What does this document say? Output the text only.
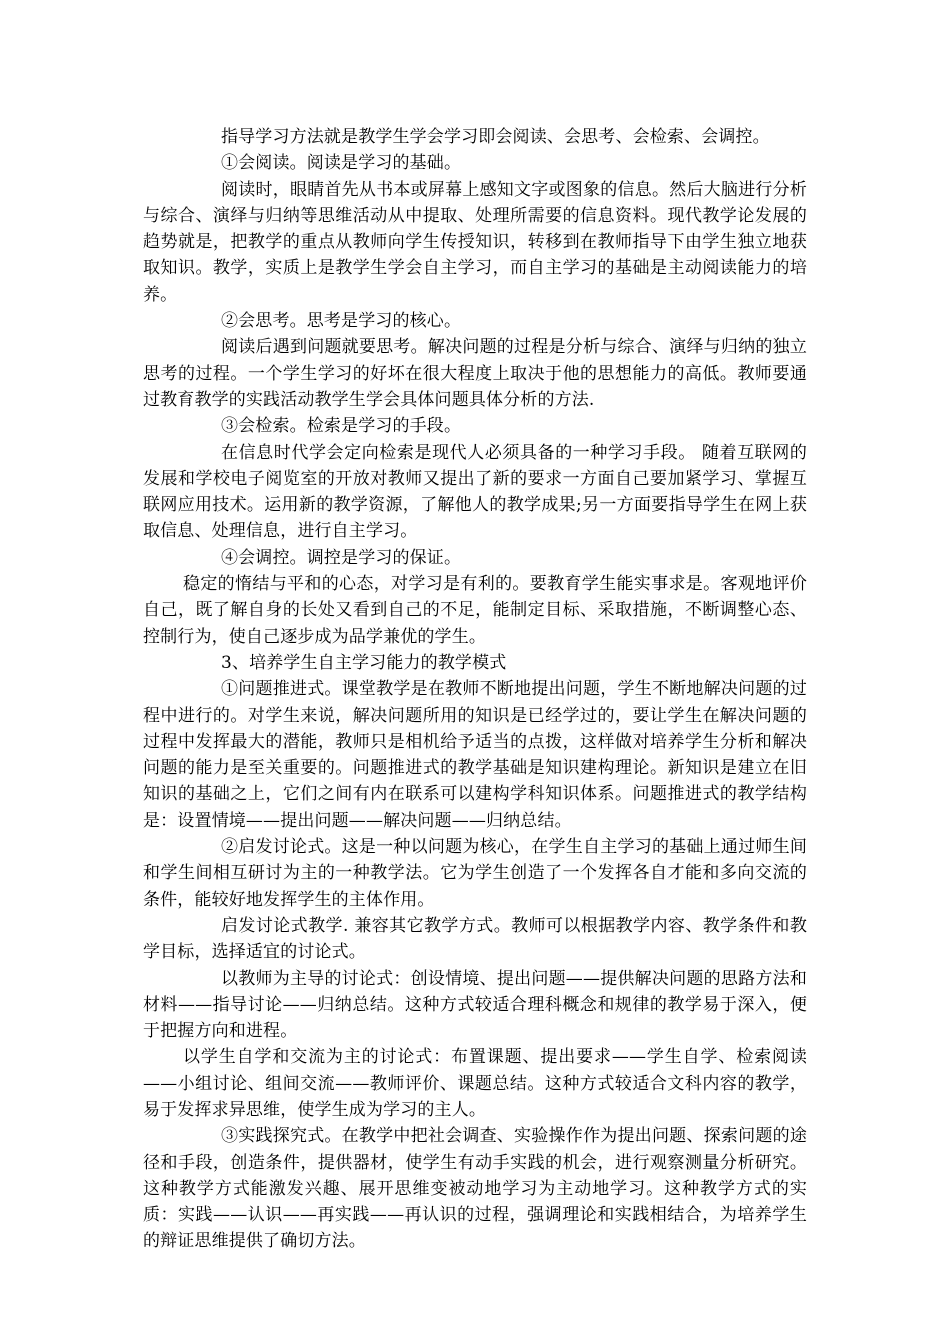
指导学习方法就是教学生学会学习即会阅读、会思考、会检索、会调控。

①会阅读。阅读是学习的基础。

阅读时，眼睛首先从书本或屏幕上感知文字或图象的信息。然后大脑进行分析与综合、演绎与归纳等思维活动从中提取、处理所需要的信息资料。现代教学论发展的趋势就是，把教学的重点从教师向学生传授知识，转移到在教师指导下由学生独立地获取知识。教学，实质上是教学生学会自主学习，而自主学习的基础是主动阅读能力的培养。

②会思考。思考是学习的核心。

阅读后遇到问题就要思考。解决问题的过程是分析与综合、演绎与归纳的独立思考的过程。一个学生学习的好坏在很大程度上取决于他的思想能力的高低。教师要通过教育教学的实践活动教学生学会具体问题具体分析的方法.

③会检索。检索是学习的手段。

在信息时代学会定向检索是现代人必须具备的一种学习手段。 随着互联网的发展和学校电子阅览室的开放对教师又提出了新的要求一方面自己要加紧学习、掌握互联网应用技术。运用新的教学资源，了解他人的教学成果;另一方面要指导学生在网上获取信息、处理信息，进行自主学习。

④会调控。调控是学习的保证。

稳定的惰结与平和的心态，对学习是有利的。要教育学生能实事求是。客观地评价自己，既了解自身的长处又看到自己的不足，能制定目标、采取措施，不断调整心态、控制行为，使自己逐步成为品学兼优的学生。

3、培养学生自主学习能力的教学模式

①问题推进式。课堂教学是在教师不断地提出问题，学生不断地解决问题的过程中进行的。对学生来说，解决问题所用的知识是已经学过的，要让学生在解决问题的过程中发挥最大的潜能，教师只是相机给予适当的点拨，这样做对培养学生分析和解决问题的能力是至关重要的。问题推进式的教学基础是知识建构理论。新知识是建立在旧知识的基础之上，它们之间有内在联系可以建构学科知识体系。问题推进式的教学结构是：设置情境——提出问题——解决问题——归纳总结。

②启发讨论式。这是一种以问题为核心，在学生自主学习的基础上通过师生间和学生间相互研讨为主的一种教学法。它为学生创造了一个发挥各自才能和多向交流的条件，能较好地发挥学生的主体作用。

启发讨论式教学. 兼容其它教学方式。教师可以根据教学内容、教学条件和教学目标，选择适宜的讨论式。

以教师为主导的讨论式：创设情境、提出问题——提供解决问题的思路方法和材料——指导讨论——归纳总结。这种方式较适合理科概念和规律的教学易于深入，便于把握方向和进程。

以学生自学和交流为主的讨论式：布置课题、提出要求——学生自学、检索阅读——小组讨论、组间交流——教师评价、课题总结。这种方式较适合文科内容的教学，易于发挥求异思维，使学生成为学习的主人。

③实践探究式。在教学中把社会调查、实验操作作为提出问题、探索问题的途径和手段，创造条件，提供器材，使学生有动手实践的机会，进行观察测量分析研究。这种教学方式能激发兴趣、展开思维变被动地学习为主动地学习。这种教学方式的实质：实践——认识——再实践——再认识的过程，强调理论和实践相结合，为培养学生的辩证思维提供了确切方法。
